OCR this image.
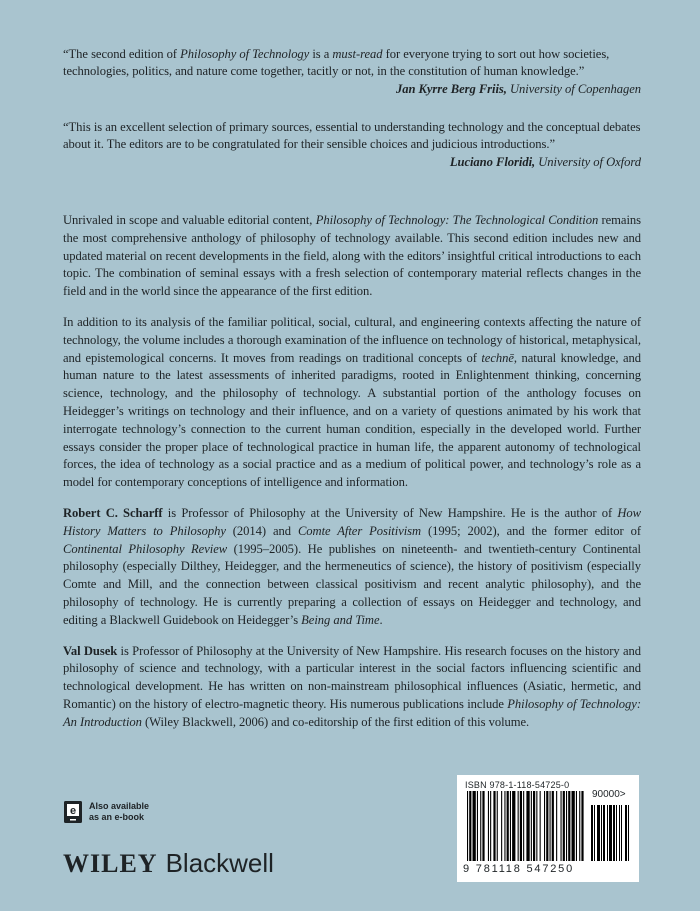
“The second edition of Philosophy of Technology is a must-read for everyone trying to sort out how societies, technologies, politics, and nature come together, tacitly or not, in the constitution of human knowledge.”

Jan Kyrre Berg Friis, University of Copenhagen

“This is an excellent selection of primary sources, essential to understanding technology and the conceptual debates about it. The editors are to be congratulated for their sensible choices and judicious introductions.”

Luciano Floridi, University of Oxford

Unrivaled in scope and valuable editorial content, Philosophy of Technology: The Technological Condition remains the most comprehensive anthology of philosophy of technology available. This second edition includes new and updated material on recent developments in the field, along with the editors’ insightful critical introductions to each topic. The combination of seminal essays with a fresh selection of contemporary material reflects changes in the field and in the world since the appearance of the first edition.

In addition to its analysis of the familiar political, social, cultural, and engineering contexts affecting the nature of technology, the volume includes a thorough examination of the influence on technology of historical, metaphysical, and epistemological concerns. It moves from readings on traditional concepts of technē, natural knowledge, and human nature to the latest assessments of inherited paradigms, rooted in Enlightenment thinking, concerning science, technology, and the philosophy of technology. A substantial portion of the anthology focuses on Heidegger’s writings on technology and their influence, and on a variety of questions animated by his work that interrogate technology’s connection to the current human condition, especially in the developed world. Further essays consider the proper place of technological practice in human life, the apparent autonomy of technological forces, the idea of technology as a social practice and as a medium of political power, and technology’s role as a model for contemporary conceptions of intelligence and information.

Robert C. Scharff is Professor of Philosophy at the University of New Hampshire. He is the author of How History Matters to Philosophy (2014) and Comte After Positivism (1995; 2002), and the former editor of Continental Philosophy Review (1995–2005). He publishes on nineteenth- and twentieth-century Continental philosophy (especially Dilthey, Heidegger, and the hermeneutics of science), the history of positivism (especially Comte and Mill, and the connection between classical positivism and recent analytic philosophy), and the philosophy of technology. He is currently preparing a collection of essays on Heidegger and technology, and editing a Blackwell Guidebook on Heidegger’s Being and Time.

Val Dusek is Professor of Philosophy at the University of New Hampshire. His research focuses on the history and philosophy of science and technology, with a particular interest in the social factors influencing scientific and technological development. He has written on non-mainstream philosophical influences (Asiatic, hermetic, and Romantic) on the history of electro-magnetic theory. His numerous publications include Philosophy of Technology: An Introduction (Wiley Blackwell, 2006) and co-editorship of the first edition of this volume.

e Also available
as an e-book
WILEY Blackwell
ISBN 978-1-118-54725-0
90000>
9 781118 547250
